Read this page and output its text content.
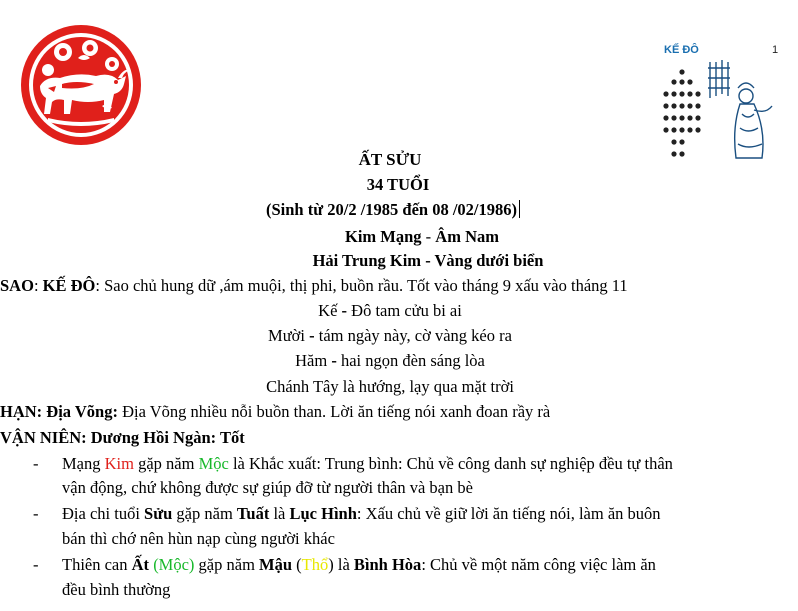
KẾ ĐÔ	1
ẤT SỬU
34 TUỔI
(Sinh từ 20/2 /1985 đến 08 /02/1986)
Kim Mạng - Âm Nam
Hải Trung Kim - Vàng dưới biển
SAO: KẾ ĐÔ: Sao chủ hung dữ ,ám muội, thị phi, buồn rầu. Tốt vào tháng 9 xấu vào tháng 11
Kế - Đô tam cửu bi ai
Mười - tám ngày này, cờ vàng kéo ra
Hăm - hai ngọn đèn sáng lòa
Chánh Tây là hướng, lạy qua mặt trời
HẠN: Địa Võng: Địa Võng nhiều nỗi buồn than. Lời ăn tiếng nói xanh đoan rầy rà
VẬN NIÊN: Dương Hồi Ngàn: Tốt
- Mạng Kim gặp năm Mộc là Khắc xuất: Trung bình: Chủ về công danh sự nghiệp đều tự thân
vận động, chứ không được sự giúp đỡ từ người thân và bạn bè
- Địa chi tuổi Sửu gặp năm Tuất là Lục Hình: Xấu chủ về giữ lời ăn tiếng nói, làm ăn buôn
bán thì chớ nên hùn nạp cùng người khác
- Thiên can Ất (Mộc) gặp năm Mậu (Thổ) là Bình Hòa: Chủ về một năm công việc làm ăn
đều bình thường
